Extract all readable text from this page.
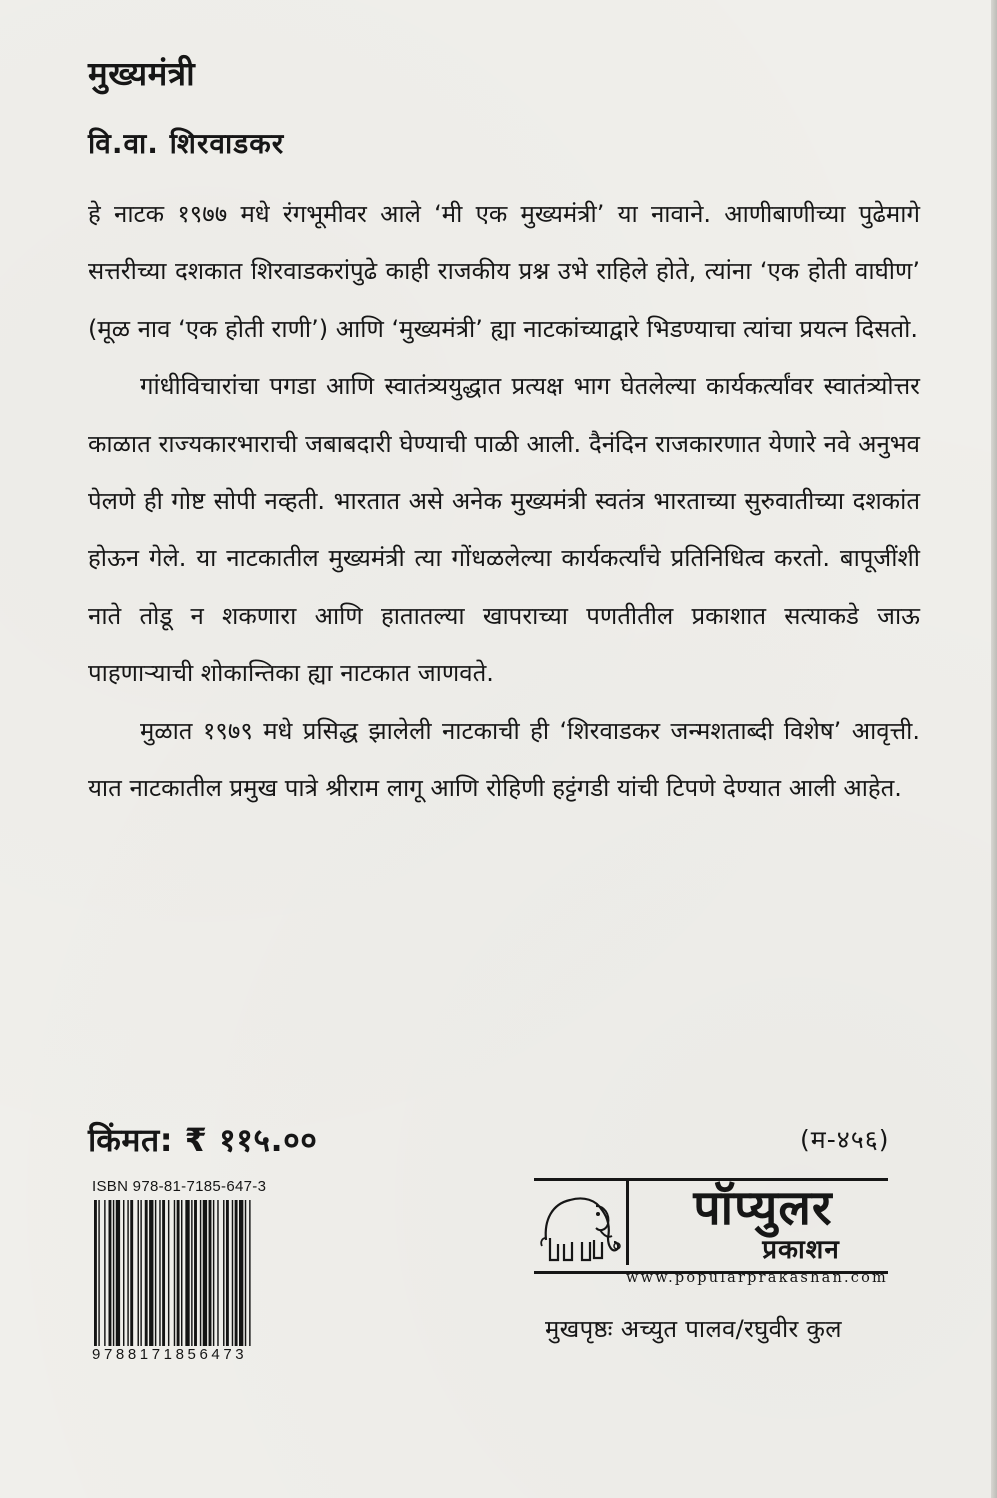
मुख्यमंत्री
वि.वा. शिरवाडकर

हे नाटक १९७७ मधे रंगभूमीवर आले ‘मी एक मुख्यमंत्री’ या नावाने. आणीबाणीच्या पुढेमागे सत्तरीच्या दशकात शिरवाडकरांपुढे काही राजकीय प्रश्न उभे राहिले होते, त्यांना ‘एक होती वाघीण’ (मूळ नाव ‘एक होती राणी’) आणि ‘मुख्यमंत्री’ ह्या नाटकांच्याद्वारे भिडण्याचा त्यांचा प्रयत्न दिसतो.

गांधीविचारांचा पगडा आणि स्वातंत्र्ययुद्धात प्रत्यक्ष भाग घेतलेल्या कार्यकर्त्यांवर स्वातंत्र्योत्तर काळात राज्यकारभाराची जबाबदारी घेण्याची पाळी आली. दैनंदिन राजकारणात येणारे नवे अनुभव पेलणे ही गोष्ट सोपी नव्हती. भारतात असे अनेक मुख्यमंत्री स्वतंत्र भारताच्या सुरुवातीच्या दशकांत होऊन गेले. या नाटकातील मुख्यमंत्री त्या गोंधळलेल्या कार्यकर्त्यांचे प्रतिनिधित्व करतो. बापूजींशी नाते तोडू न शकणारा आणि हातातल्या खापराच्या पणतीतील प्रकाशात सत्याकडे जाऊ पाहणाऱ्याची शोकान्तिका ह्या नाटकात जाणवते.

मुळात १९७९ मधे प्रसिद्ध झालेली नाटकाची ही ‘शिरवाडकर जन्मशताब्दी विशेष’ आवृत्ती. यात नाटकातील प्रमुख पात्रे श्रीराम लागू आणि रोहिणी हट्टंगडी यांची टिपणे देण्यात आली आहेत.

किंमत: ₹ ११५.००	(म-४५६)
ISBN 978-81-7185-647-3
9788171856473
पॉप्युलर
प्रकाशन
www.popularprakashan.com
मुखपृष्ठः अच्युत पालव/रघुवीर कुल
